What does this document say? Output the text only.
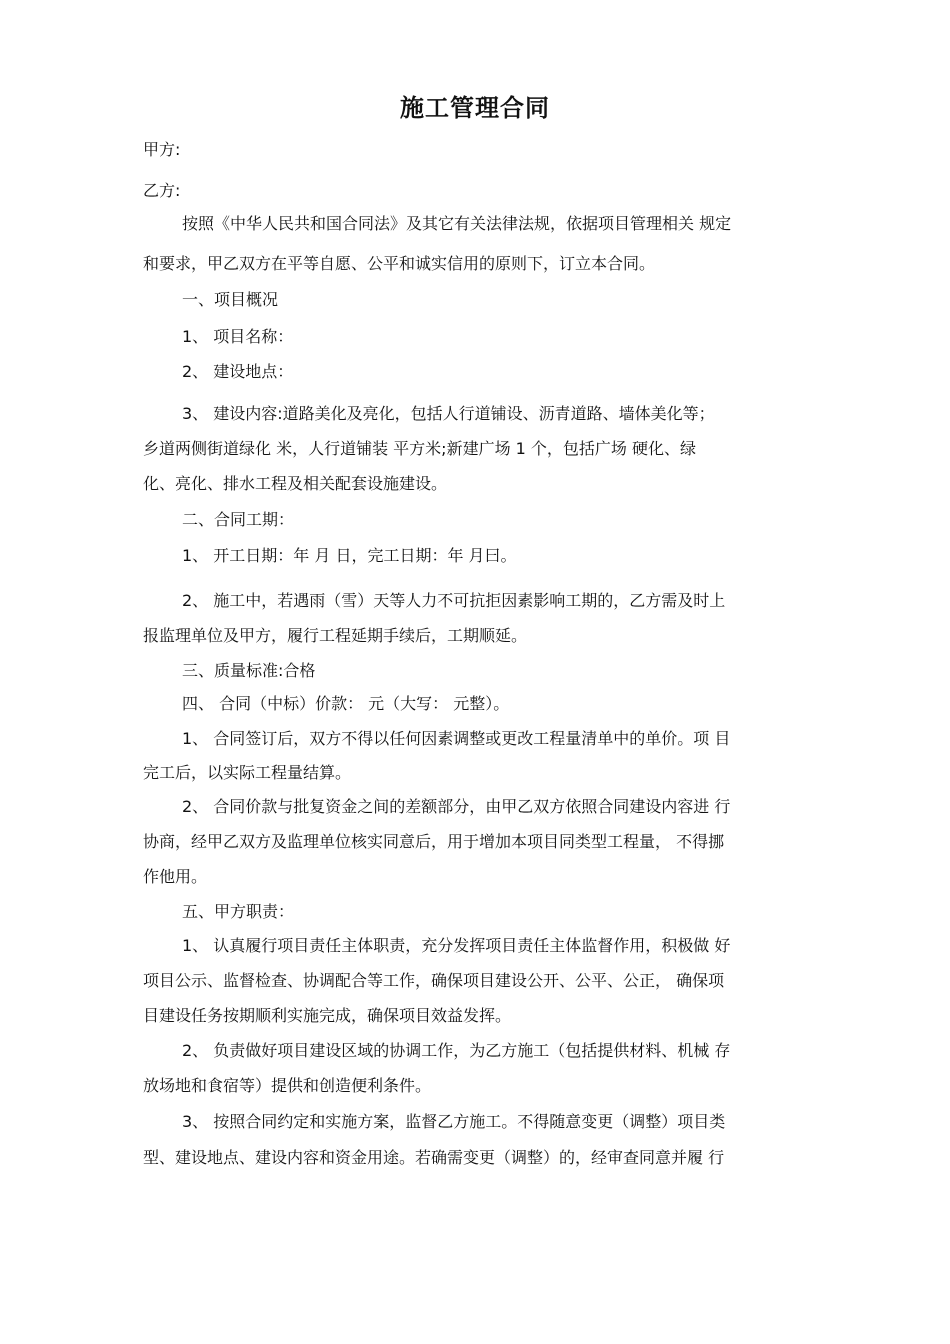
施工管理合同
甲方:
乙方:
按照《中华人民共和国合同法》及其它有关法律法规，依据项目管理相关 规定
和要求，甲乙双方在平等自愿、公平和诚实信用的原则下，订立本合同。
一、项目概况
1、 项目名称：
2、 建设地点：
3、 建设内容:道路美化及亮化，包括人行道铺设、沥青道路、墙体美化等；
乡道两侧街道绿化 米，人行道铺装 平方米;新建广场 1 个，包括广场 硬化、绿
化、亮化、排水工程及相关配套设施建设。
二、合同工期：
1、 开工日期：年 月 日，完工日期：年 月曰。
2、 施工中，若遇雨（雪）天等人力不可抗拒因素影响工期的，乙方需及时上
报监理单位及甲方，履行工程延期手续后，工期顺延。
三、质量标准:合格
四、 合同（中标）价款： 元（大写： 元整）。
1、 合同签订后，双方不得以任何因素调整或更改工程量清单中的单价。项 目
完工后，以实际工程量结算。
2、 合同价款与批复资金之间的差额部分，由甲乙双方依照合同建设内容进 行
协商，经甲乙双方及监理单位核实同意后，用于增加本项目同类型工程量， 不得挪
作他用。
五、甲方职责：
1、 认真履行项目责任主体职责，充分发挥项目责任主体监督作用，积极做 好
项目公示、监督检查、协调配合等工作，确保项目建设公开、公平、公正， 确保项
目建设任务按期顺利实施完成，确保项目效益发挥。
2、 负责做好项目建设区域的协调工作，为乙方施工（包括提供材料、机械 存
放场地和食宿等）提供和创造便利条件。
3、 按照合同约定和实施方案，监督乙方施工。不得随意变更（调整）项目类
型、建设地点、建设内容和资金用途。若确需变更（调整）的，经审查同意并履 行
